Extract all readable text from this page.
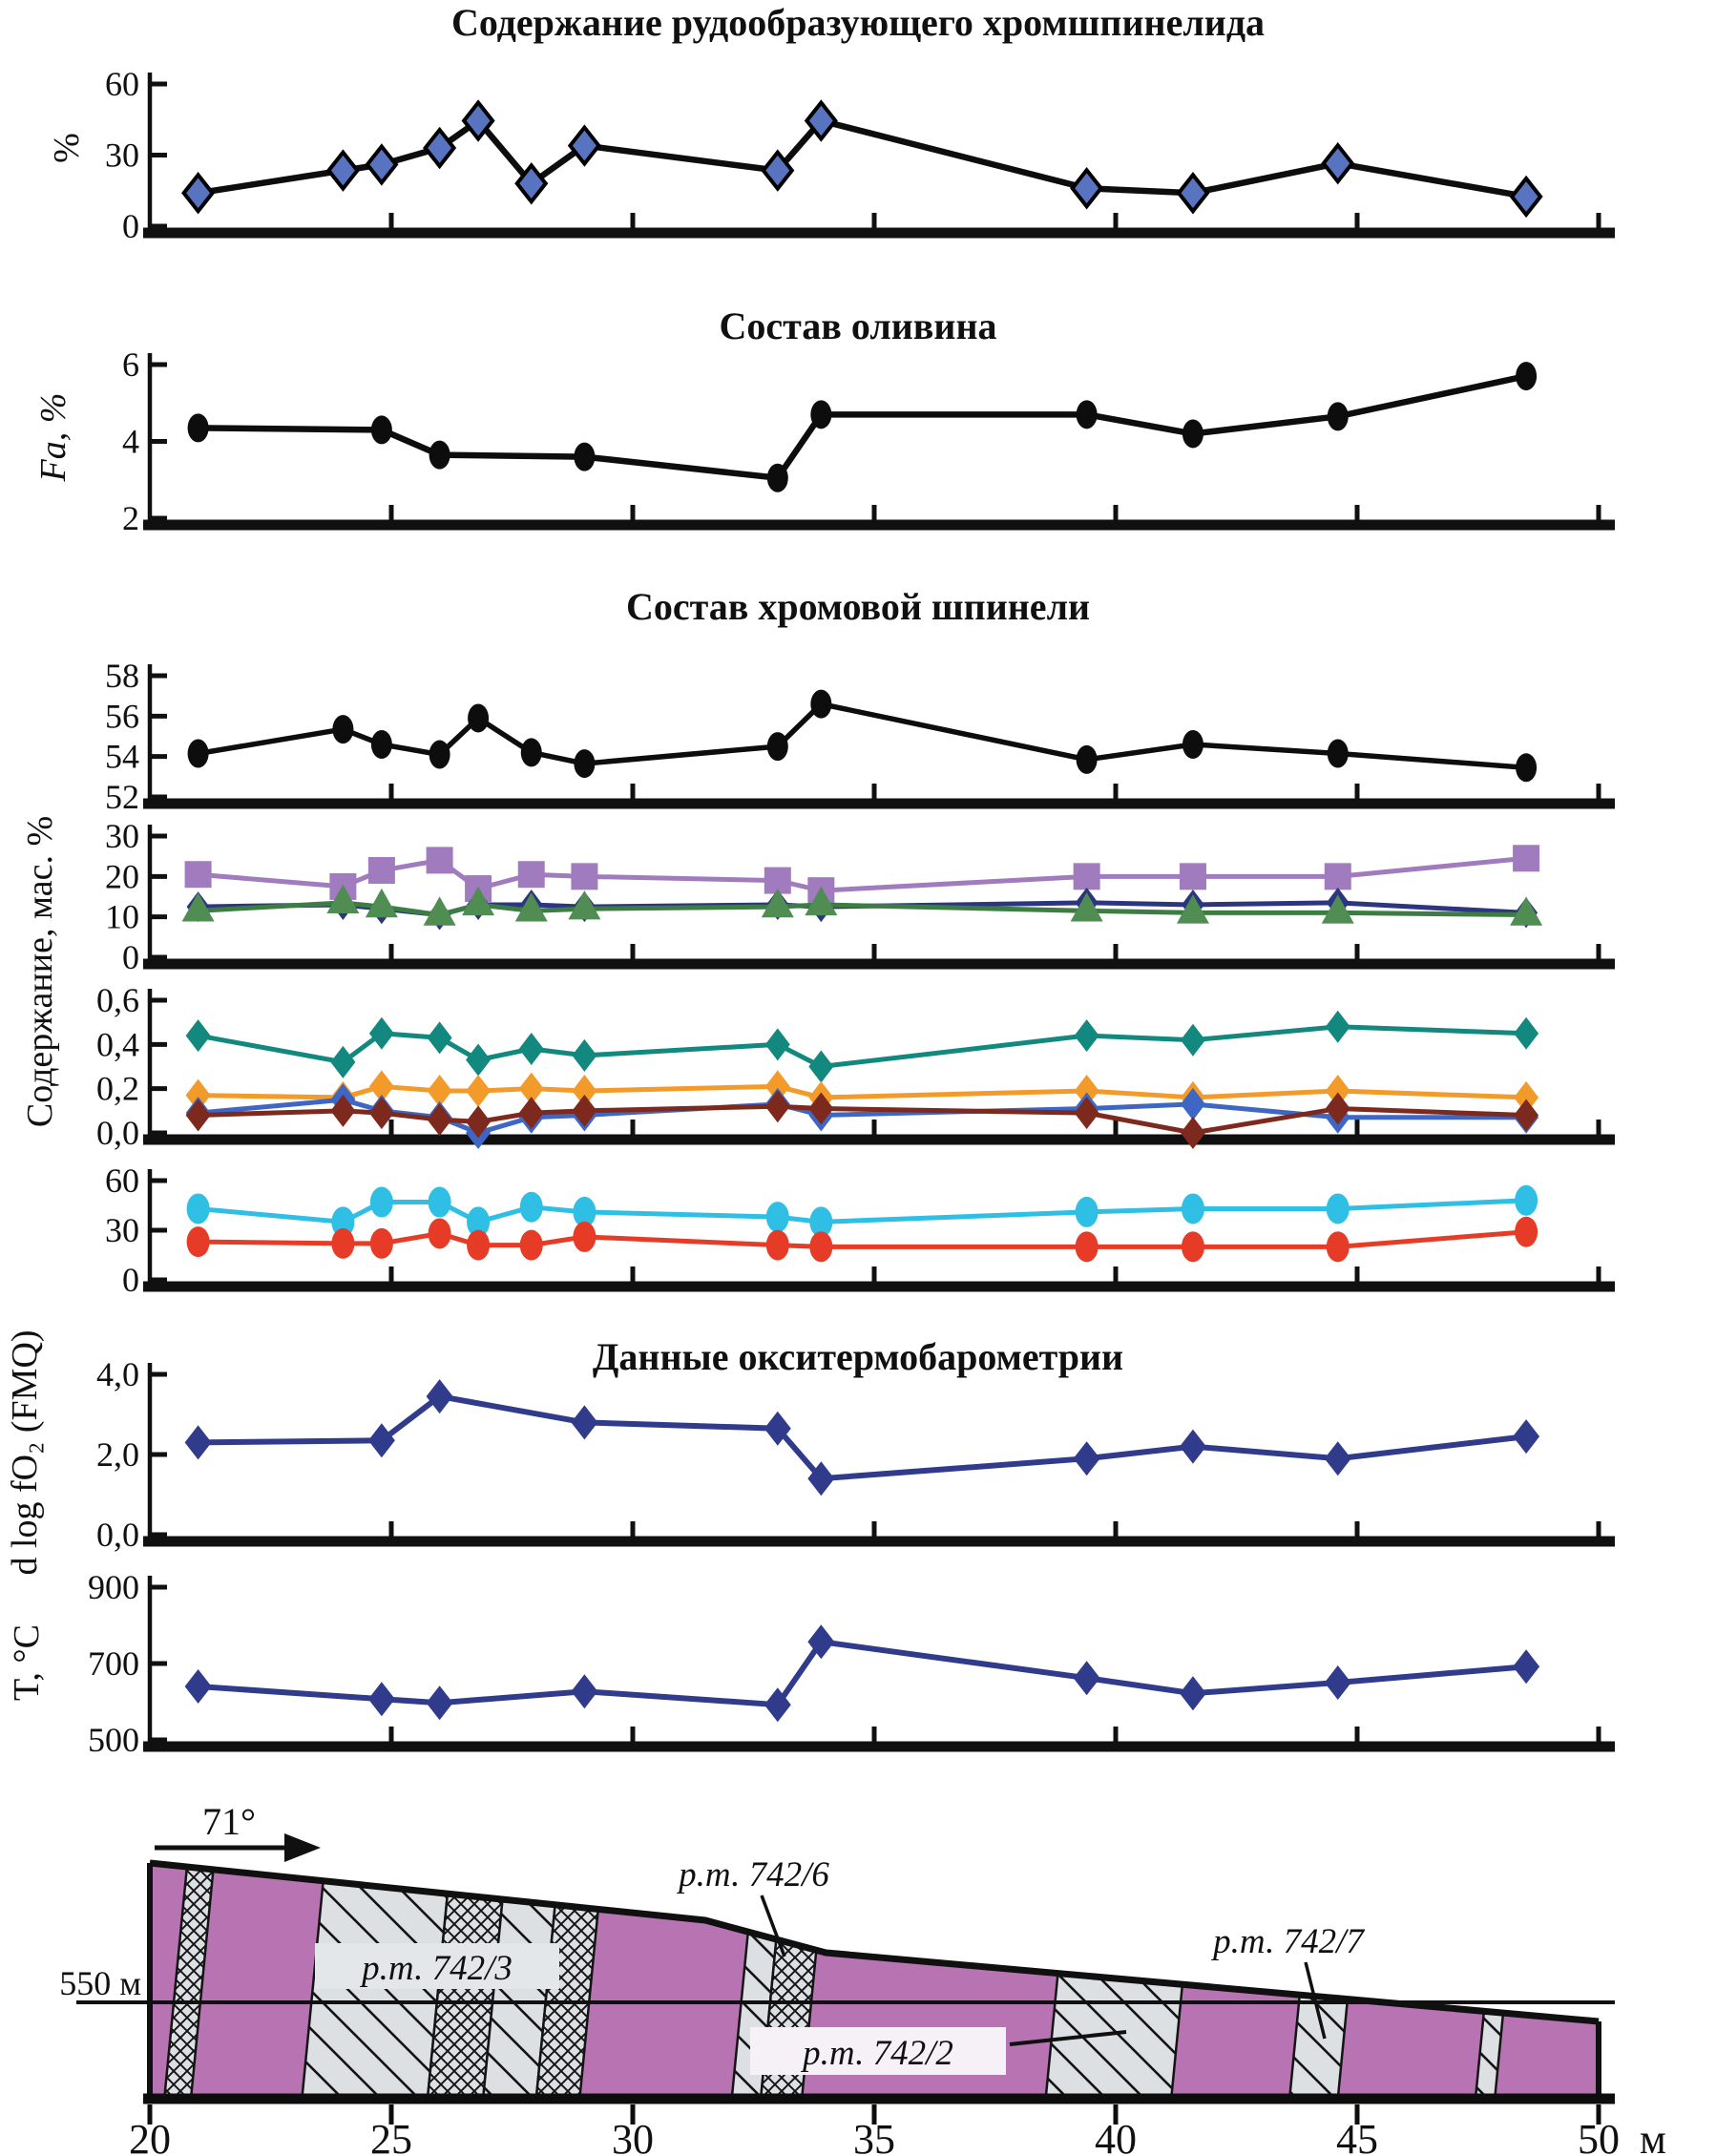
Содержание рудообразующего хромшпинелида
0
30
60
Состав оливина
2
4
6
Состав хромовой шпинели
52
54
56
58
0
10
20
30
0,0
0,2
0,4
0,6
0
30
60
Данные окситермобарометрии
0,0
2,0
4,0
500
700
900
%
Fa, %
Содержание, мас. %
d log fO₂ (FMQ)
T, °C
550 м
71°
р.т. 742/6
р.т. 742/3
р.т. 742/2
р.т. 742/7
20	25	30	35	40	45	50 м
